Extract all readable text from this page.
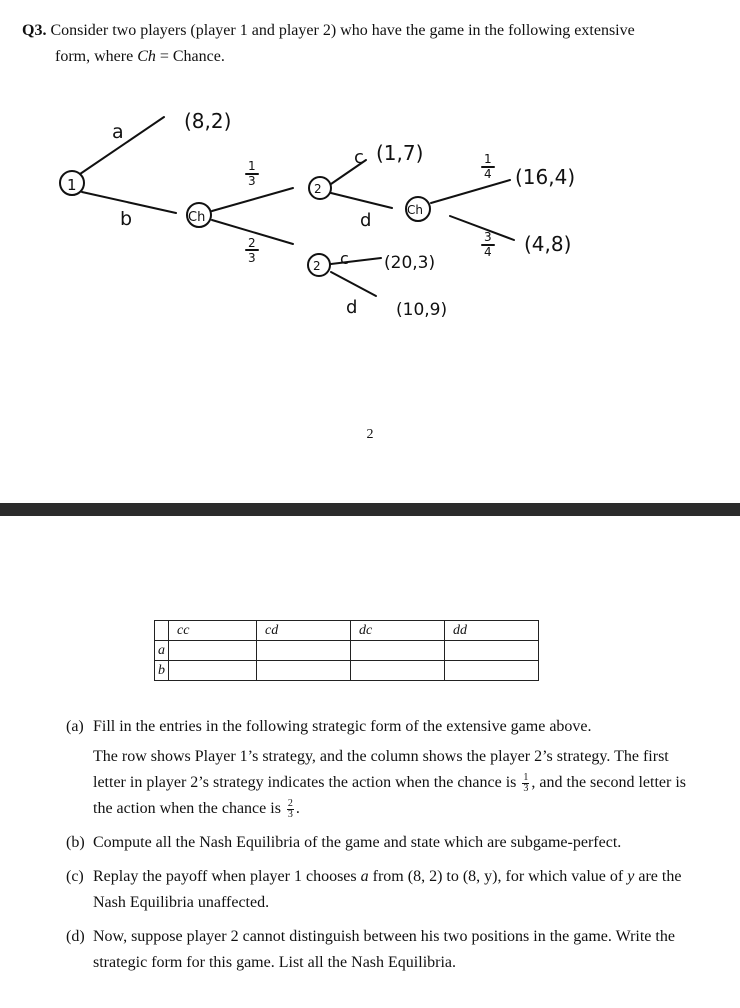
Q3. Consider two players (player 1 and player 2) who have the game in the following extensive
form, where Ch = Chance.
1
Ch
2
Ch
2
a
b
(8,2)
1
3
2
3
c (1,7)
d
1
4 (16,4)
3
4 (4,8)
c (20,3)
d (10,9)
2
	cc	cd	dc	dd
a				
b				
(a) Fill in the entries in the following strategic form of the extensive game above.
The row shows Player 1’s strategy, and the column shows the player 2’s strategy. The first letter in player 2’s strategy indicates the action when the chance is $\frac{1}{3}$ , and the second letter is the action when the chance is $\frac{2}{3}$ .
(b) Compute all the Nash Equilibria of the game and state which are subgame-perfect.
(c) Replay the payoff when player 1 chooses a from (8, 2) to (8, y), for which value of y are the Nash Equilibria unaffected.
(d) Now, suppose player 2 cannot distinguish between his two positions in the game. Write the strategic form for this game. List all the Nash Equilibria.
